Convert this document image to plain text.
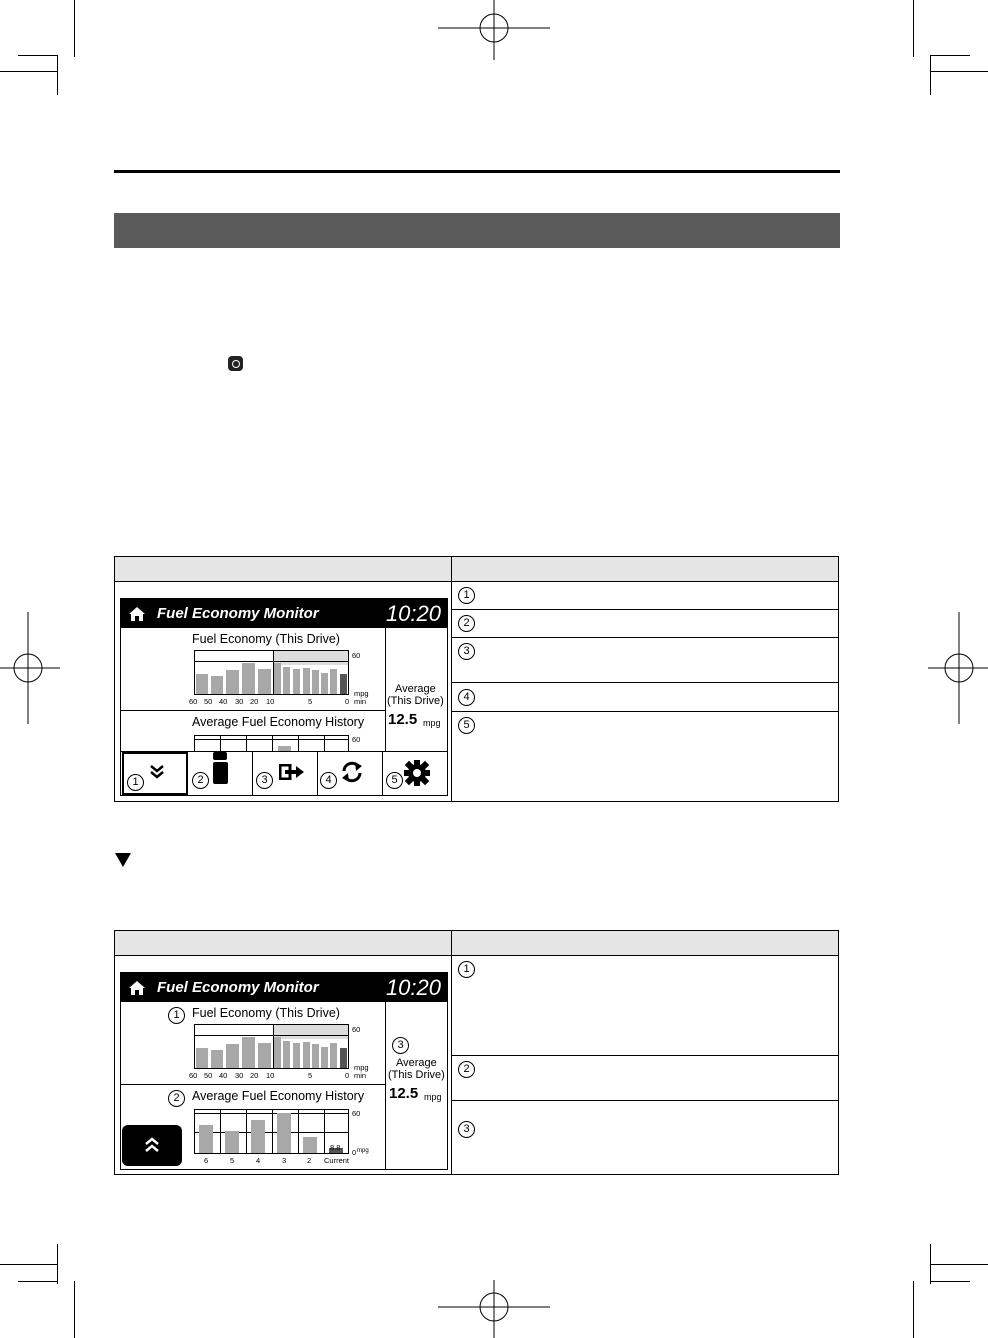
1
2
3
4
5
Fuel Economy Monitor	10:20
Fuel Economy (This Drive)
60
mpg
min
60 50 40 30 20 10	5	0
Average Fuel Economy History
60
Average
(This Drive)
12.5 mpg
1	2	3	4	5
1
2
3
Fuel Economy Monitor	10:20
1 Fuel Economy (This Drive)
60
mpg
min
60 50 40 30 20 10	5	0
2 Average Fuel Economy History
60
0 mpg
8.8
6	5	4	3	2 Current
3
Average
(This Drive)
12.5 mpg
